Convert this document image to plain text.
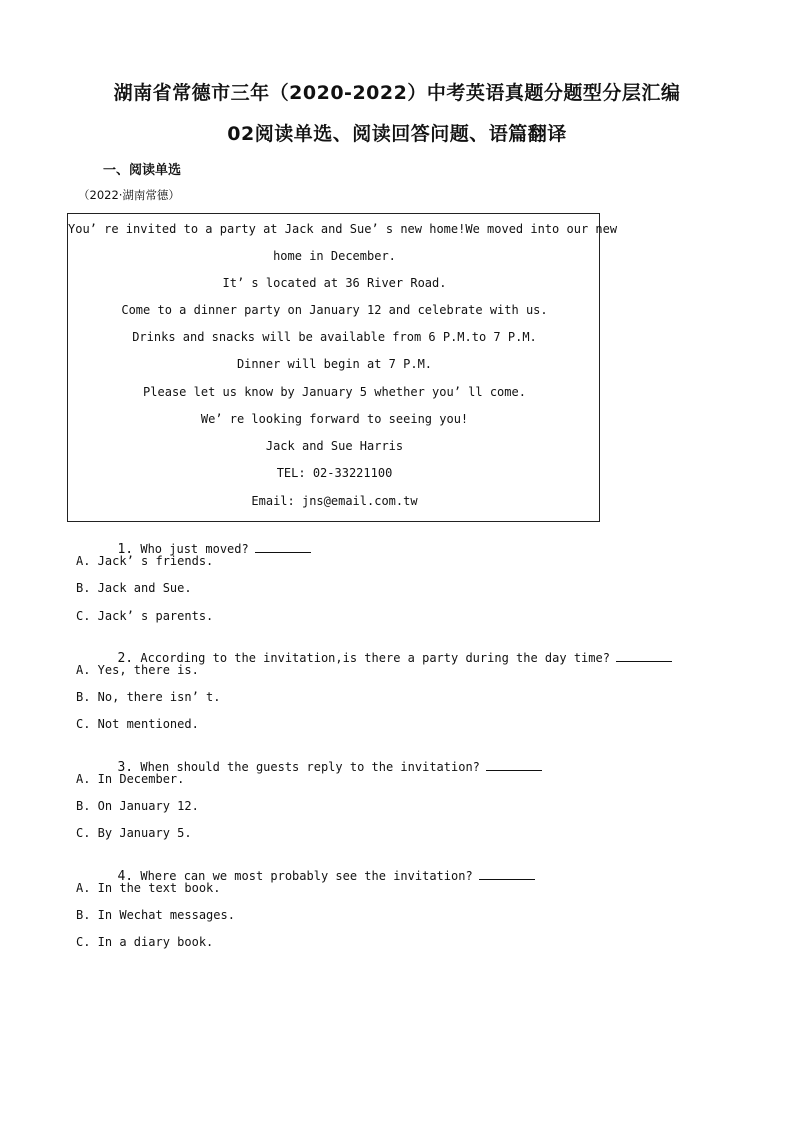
湖南省常德市三年（2020-2022）中考英语真题分题型分层汇编
02阅读单选、阅读回答问题、语篇翻译
一、阅读单选
（2022·湖南常德）
You’ re invited to a party at Jack and Sue’ s new home!We moved into our new
home in December.
It’ s located at 36 River Road.
Come to a dinner party on January 12 and celebrate with us.
Drinks and snacks will be available from 6 P.M.to 7 P.M.
Dinner will begin at 7 P.M.
Please let us know by January 5 whether you’ ll come.
We’ re looking forward to seeing you!
Jack and Sue Harris
TEL: 02-33221100
Email: jns@email.com.tw

1. Who just moved?

A. Jack’ s friends.
B. Jack and Sue.
C. Jack’ s parents.

2. According to the invitation,is there a party during the day time?

A. Yes, there is.
B. No, there isn’ t.
C. Not mentioned.

3. When should the guests reply to the invitation?

A. In December.
B. On January 12.
C. By January 5.

4. Where can we most probably see the invitation?

A. In the text book.
B. In Wechat messages.
C. In a diary book.
